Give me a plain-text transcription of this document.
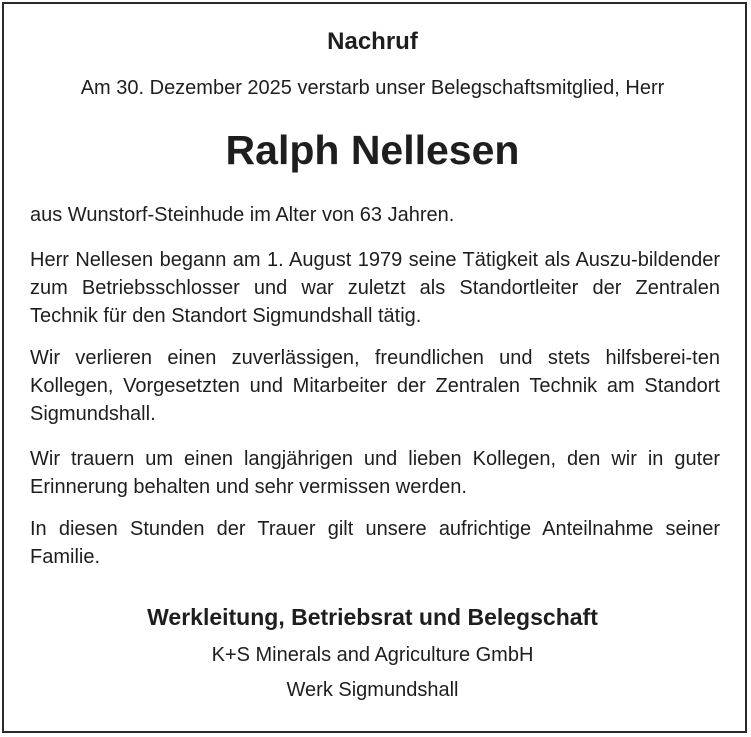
Nachruf
Am 30. Dezember 2025 verstarb unser Belegschaftsmitglied, Herr
Ralph Nellesen

aus Wunstorf-Steinhude im Alter von 63 Jahren.

Herr Nellesen begann am 1. August 1979 seine Tätigkeit als Auszu-bildender zum Betriebsschlosser und war zuletzt als Standortleiter der Zentralen Technik für den Standort Sigmundshall tätig.

Wir verlieren einen zuverlässigen, freundlichen und stets hilfsberei-ten Kollegen, Vorgesetzten und Mitarbeiter der Zentralen Technik am Standort Sigmundshall.

Wir trauern um einen langjährigen und lieben Kollegen, den wir in guter Erinnerung behalten und sehr vermissen werden.

In diesen Stunden der Trauer gilt unsere aufrichtige Anteilnahme seiner Familie.

Werkleitung, Betriebsrat und Belegschaft
K+S Minerals and Agriculture GmbH
Werk Sigmundshall
